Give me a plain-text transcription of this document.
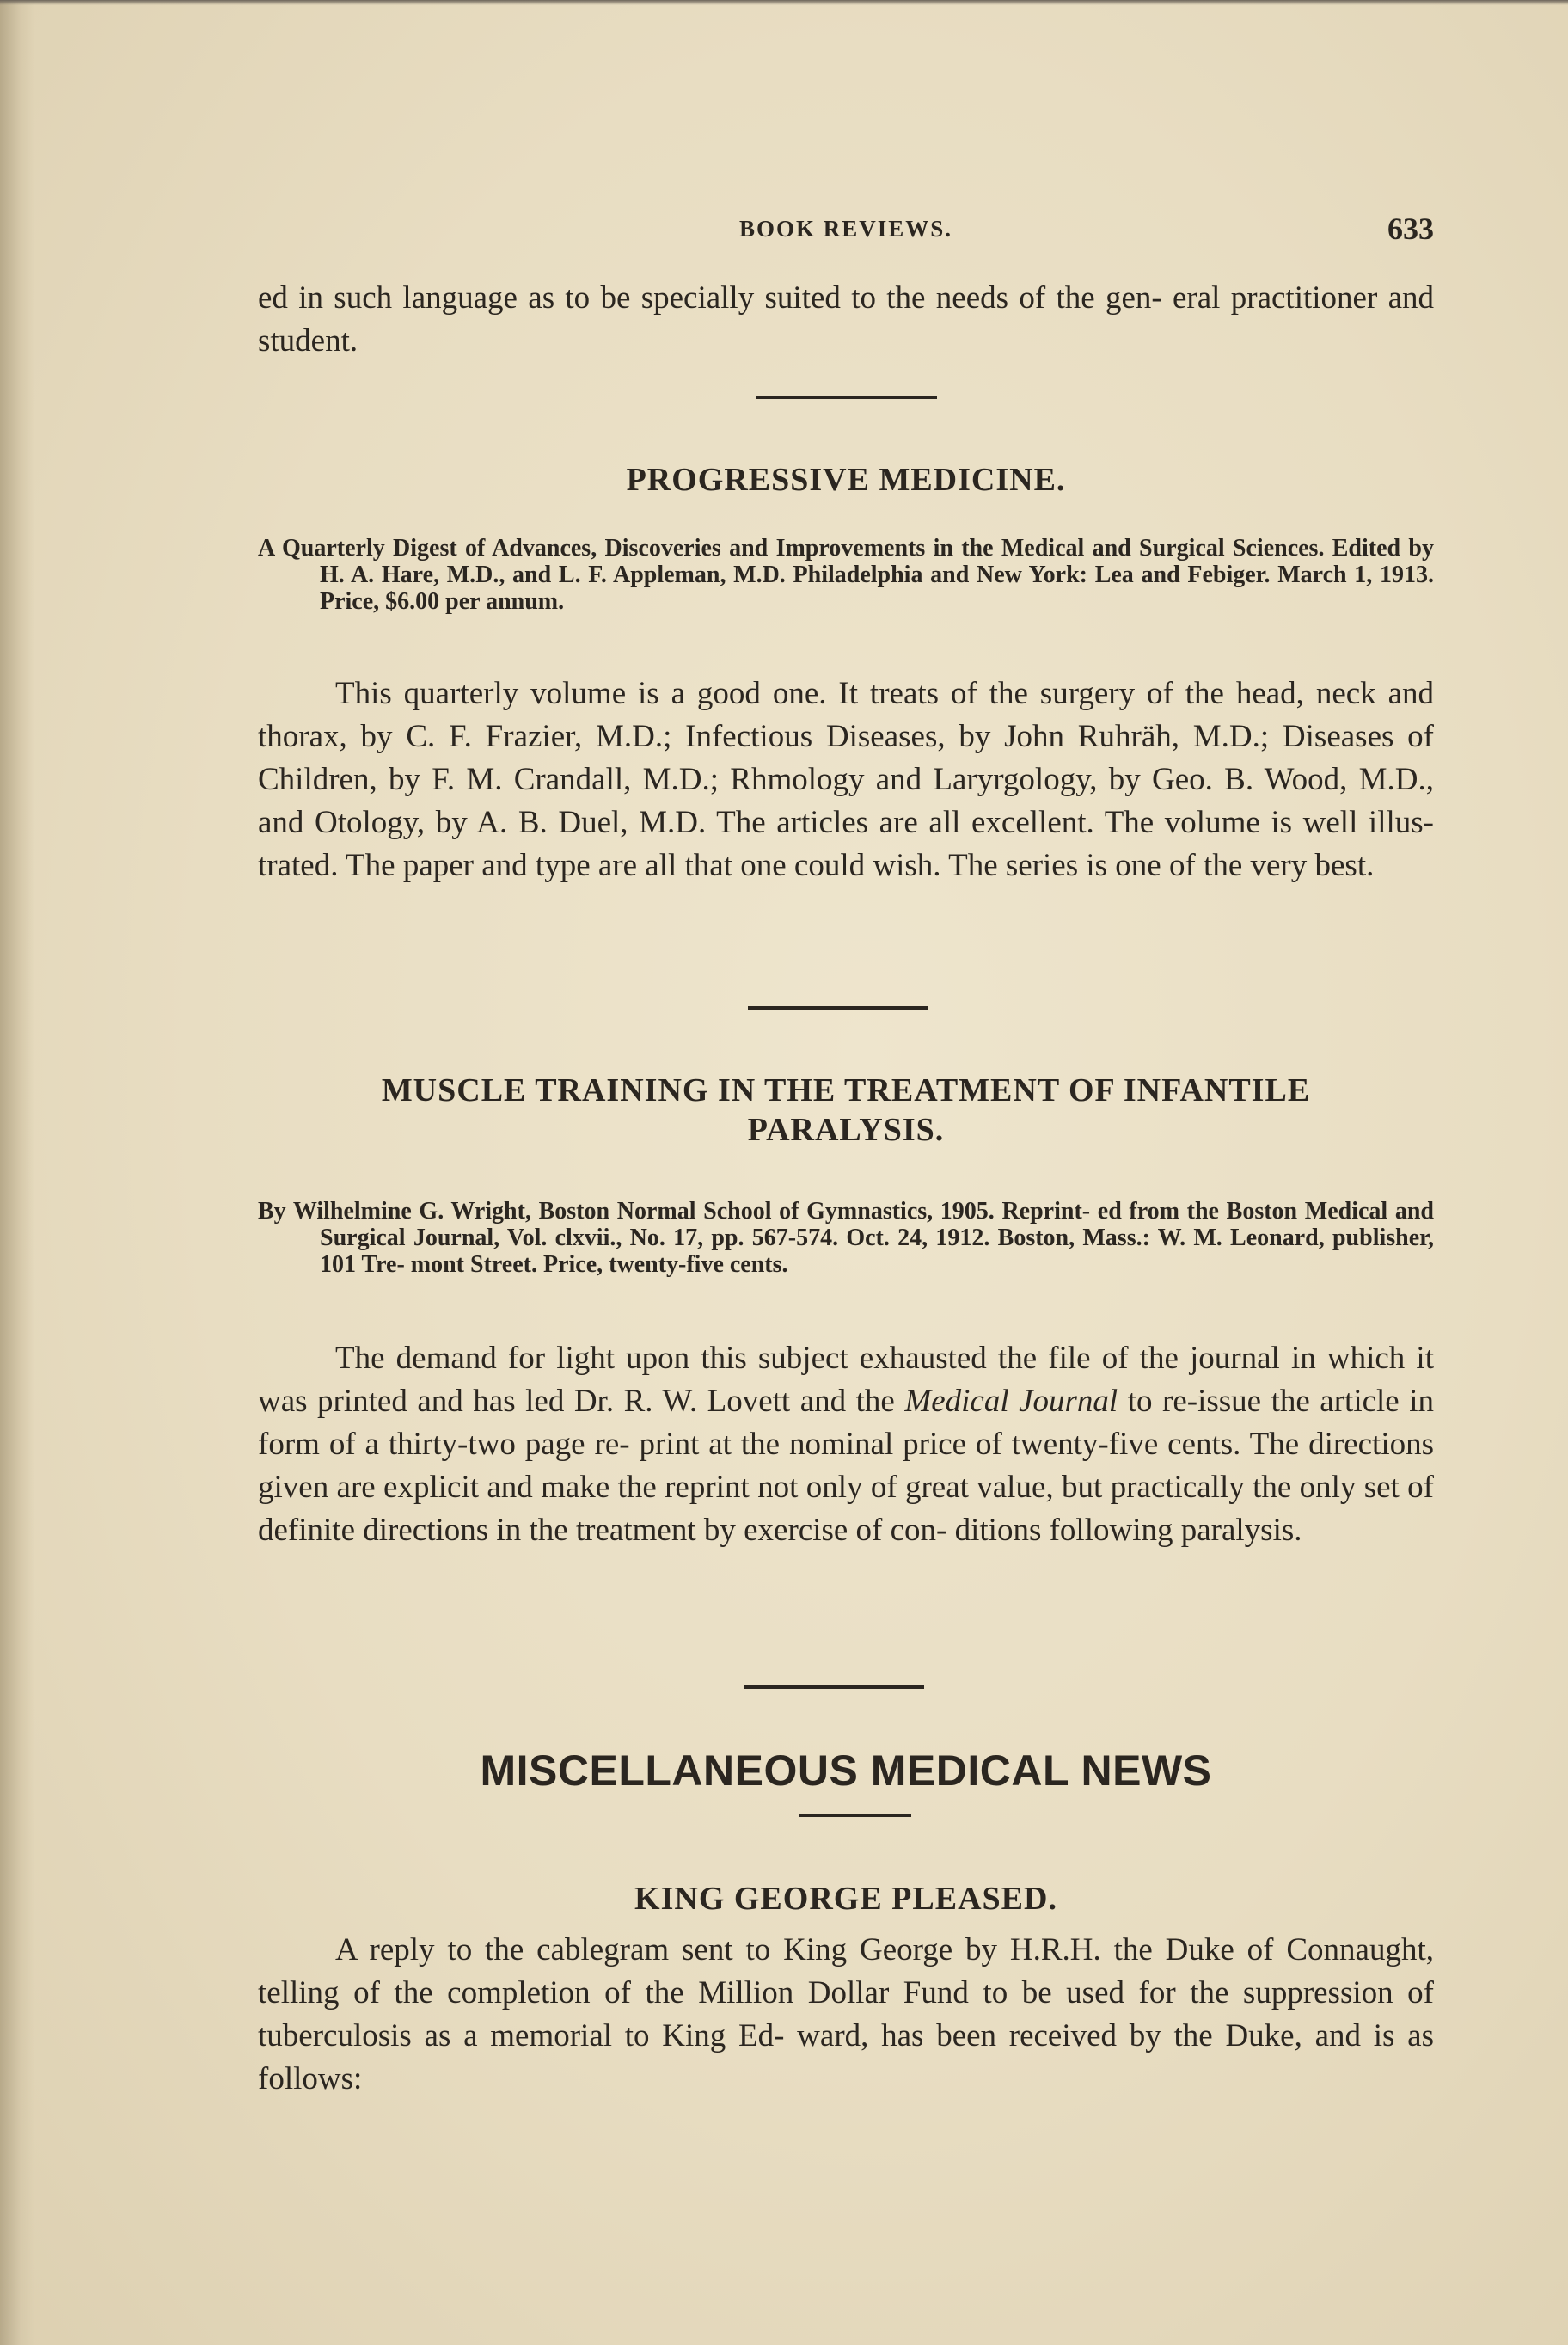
BOOK REVIEWS.	633

ed in such language as to be specially suited to the needs of the gen- eral practitioner and student.

PROGRESSIVE MEDICINE.

A Quarterly Digest of Advances, Discoveries and Improvements in the Medical and Surgical Sciences. Edited by H. A. Hare, M.D., and L. F. Appleman, M.D. Philadelphia and New York: Lea and Febiger. March 1, 1913. Price, $6.00 per annum.

This quarterly volume is a good one. It treats of the surgery of the head, neck and thorax, by C. F. Frazier, M.D.; Infectious Diseases, by John Ruhräh, M.D.; Diseases of Children, by F. M. Crandall, M.D.; Rhmology and Laryrgology, by Geo. B. Wood, M.D., and Otology, by A. B. Duel, M.D. The articles are all excellent. The volume is well illus- trated. The paper and type are all that one could wish. The series is one of the very best.

MUSCLE TRAINING IN THE TREATMENT OF INFANTILE
PARALYSIS.

By Wilhelmine G. Wright, Boston Normal School of Gymnastics, 1905. Reprint- ed from the Boston Medical and Surgical Journal, Vol. clxvii., No. 17, pp. 567-574. Oct. 24, 1912. Boston, Mass.: W. M. Leonard, publisher, 101 Tre- mont Street. Price, twenty-five cents.

The demand for light upon this subject exhausted the file of the journal in which it was printed and has led Dr. R. W. Lovett and the Medical Journal to re-issue the article in form of a thirty-two page re- print at the nominal price of twenty-five cents. The directions given are explicit and make the reprint not only of great value, but practically the only set of definite directions in the treatment by exercise of con- ditions following paralysis.

MISCELLANEOUS MEDICAL NEWS
KING GEORGE PLEASED.

A reply to the cablegram sent to King George by H.R.H. the Duke of Connaught, telling of the completion of the Million Dollar Fund to be used for the suppression of tuberculosis as a memorial to King Ed- ward, has been received by the Duke, and is as follows:
